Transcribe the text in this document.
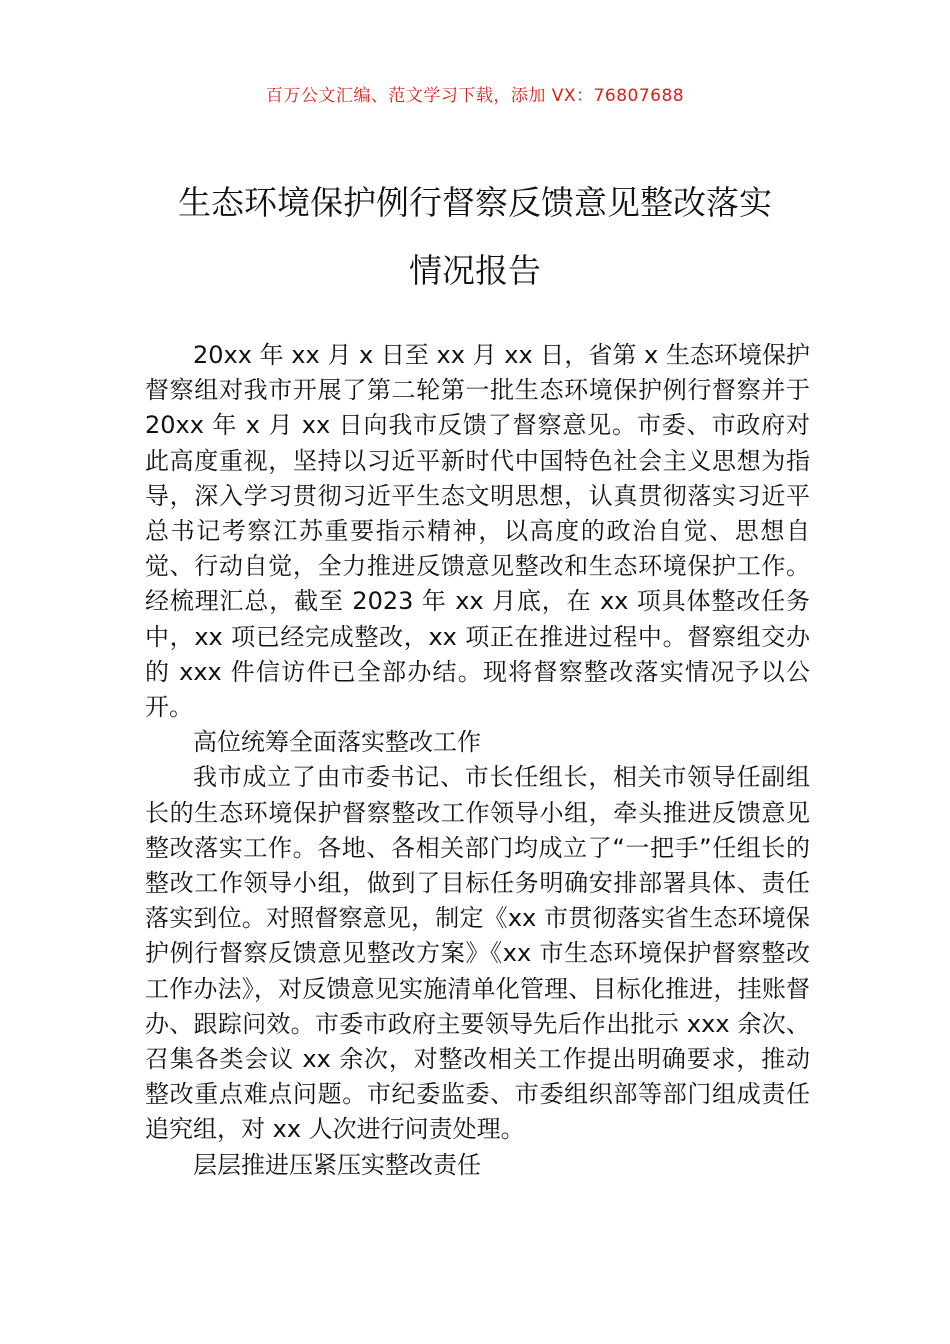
百万公文汇编、范文学习下载，添加 VX：76807688
生态环境保护例行督察反馈意见整改落实
情况报告

20xx 年 xx 月 x 日至 xx 月 xx 日，省第 x 生态环境保护督察组对我市开展了第二轮第一批生态环境保护例行督察并于 20xx 年 x 月 xx 日向我市反馈了督察意见。市委、市政府对此高度重视，坚持以习近平新时代中国特色社会主义思想为指导，深入学习贯彻习近平生态文明思想，认真贯彻落实习近平总书记考察江苏重要指示精神，以高度的政治自觉、思想自觉、行动自觉，全力推进反馈意见整改和生态环境保护工作。经梳理汇总，截至 2023 年 xx 月底，在 xx 项具体整改任务中，xx 项已经完成整改，xx 项正在推进过程中。督察组交办的 xxx 件信访件已全部办结。现将督察整改落实情况予以公开。

高位统筹全面落实整改工作

我市成立了由市委书记、市长任组长，相关市领导任副组长的生态环境保护督察整改工作领导小组，牵头推进反馈意见整改落实工作。各地、各相关部门均成立了“一把手”任组长的整改工作领导小组，做到了目标任务明确安排部署具体、责任落实到位。对照督察意见，制定《xx 市贯彻落实省生态环境保护例行督察反馈意见整改方案》《xx 市生态环境保护督察整改工作办法》，对反馈意见实施清单化管理、目标化推进，挂账督办、跟踪问效。市委市政府主要领导先后作出批示 xxx 余次、召集各类会议 xx 余次，对整改相关工作提出明确要求，推动整改重点难点问题。市纪委监委、市委组织部等部门组成责任追究组，对 xx 人次进行问责处理。

层层推进压紧压实整改责任
